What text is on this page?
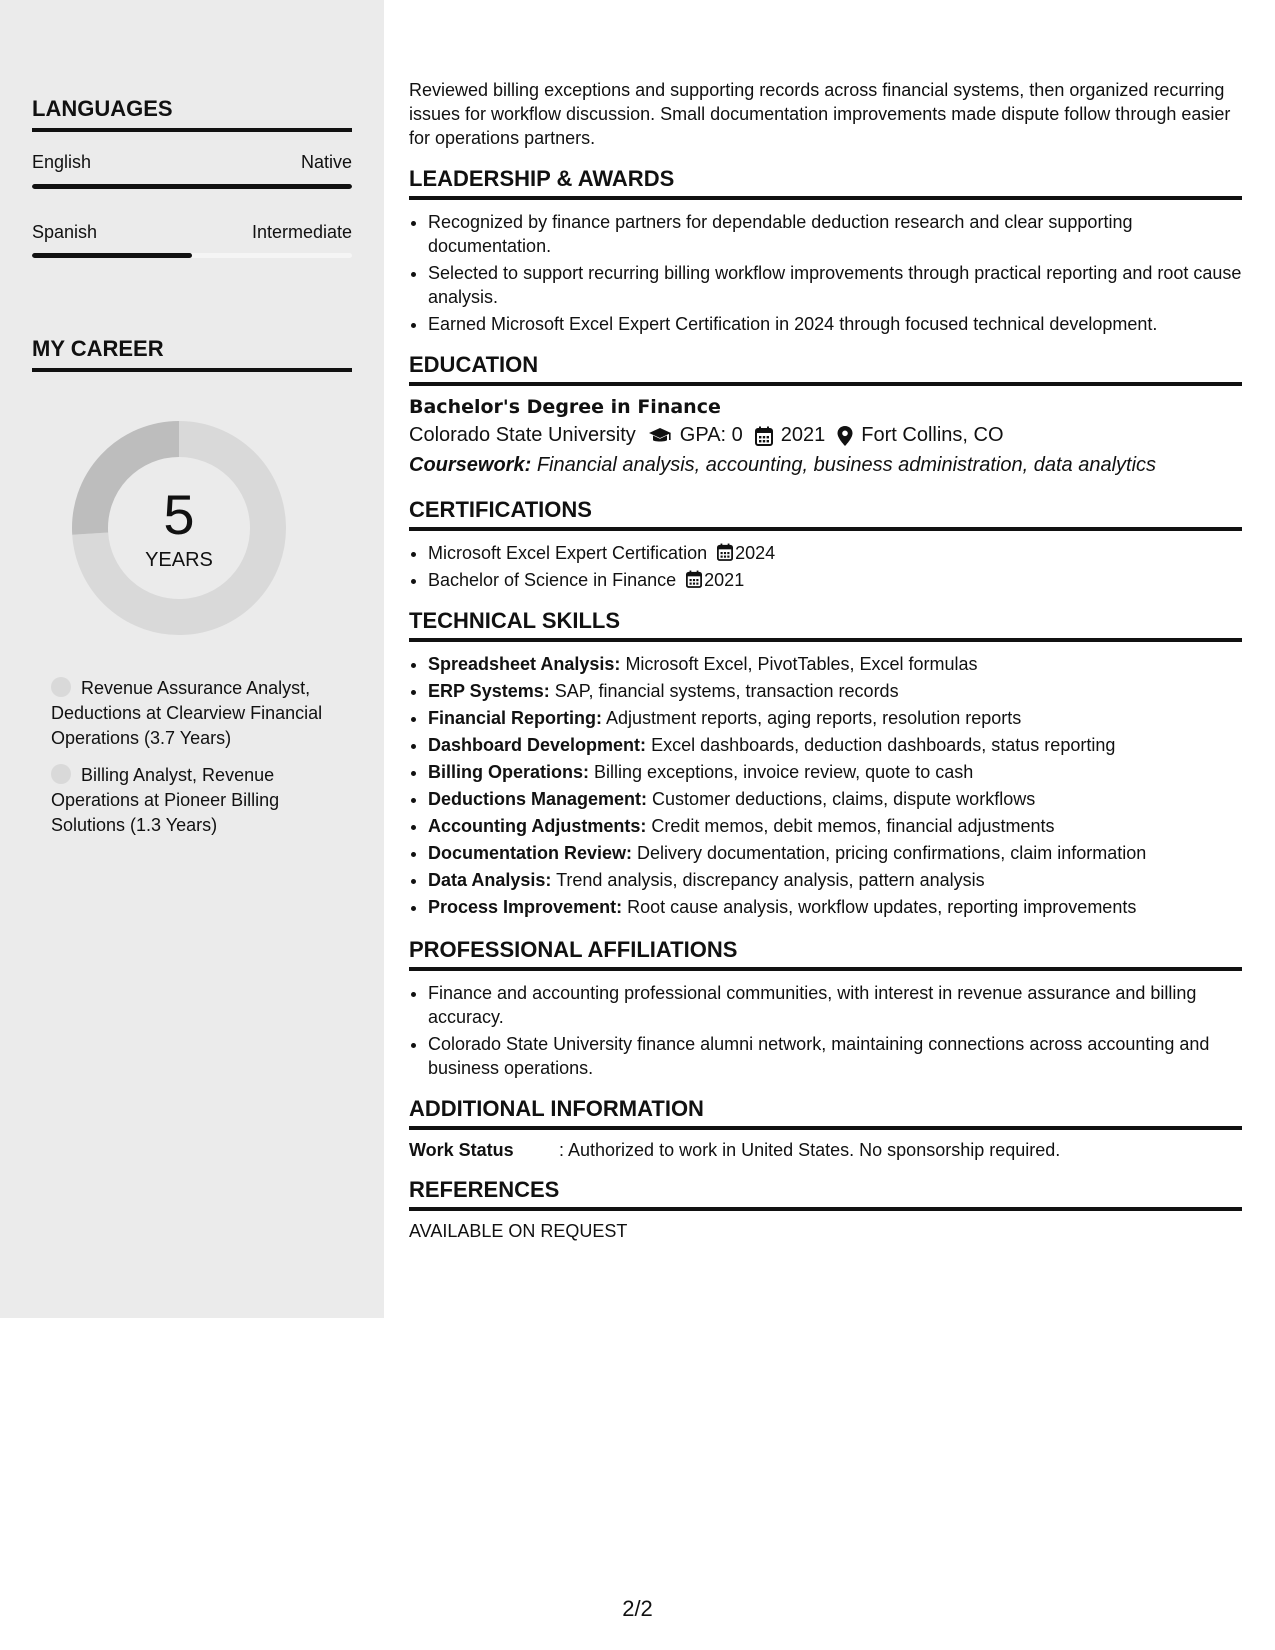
LANGUAGES
English	Native
Spanish	Intermediate
MY CAREER
5
YEARS
Revenue Assurance Analyst, Deductions at Clearview Financial Operations (3.7 Years)
Billing Analyst, Revenue Operations at Pioneer Billing Solutions (1.3 Years)

Reviewed billing exceptions and supporting records across financial systems, then organized recurring issues for workflow discussion. Small documentation improvements made dispute follow through easier for operations partners.

LEADERSHIP & AWARDS
• Recognized by finance partners for dependable deduction research and clear supporting documentation.
• Selected to support recurring billing workflow improvements through practical reporting and root cause analysis.
• Earned Microsoft Excel Expert Certification in 2024 through focused technical development.
EDUCATION
Bachelor's Degree in Finance
Colorado State University GPA: 0 2021 Fort Collins, CO
Coursework: Financial analysis, accounting, business administration, data analytics
CERTIFICATIONS
• Microsoft Excel Expert Certification 2024
• Bachelor of Science in Finance 2021
TECHNICAL SKILLS
• Spreadsheet Analysis: Microsoft Excel, PivotTables, Excel formulas
• ERP Systems: SAP, financial systems, transaction records
• Financial Reporting: Adjustment reports, aging reports, resolution reports
• Dashboard Development: Excel dashboards, deduction dashboards, status reporting
• Billing Operations: Billing exceptions, invoice review, quote to cash
• Deductions Management: Customer deductions, claims, dispute workflows
• Accounting Adjustments: Credit memos, debit memos, financial adjustments
• Documentation Review: Delivery documentation, pricing confirmations, claim information
• Data Analysis: Trend analysis, discrepancy analysis, pattern analysis
• Process Improvement: Root cause analysis, workflow updates, reporting improvements
PROFESSIONAL AFFILIATIONS
• Finance and accounting professional communities, with interest in revenue assurance and billing accuracy.
• Colorado State University finance alumni network, maintaining connections across accounting and business operations.
ADDITIONAL INFORMATION
Work Status	: Authorized to work in United States. No sponsorship required.
REFERENCES
AVAILABLE ON REQUEST
2/2
